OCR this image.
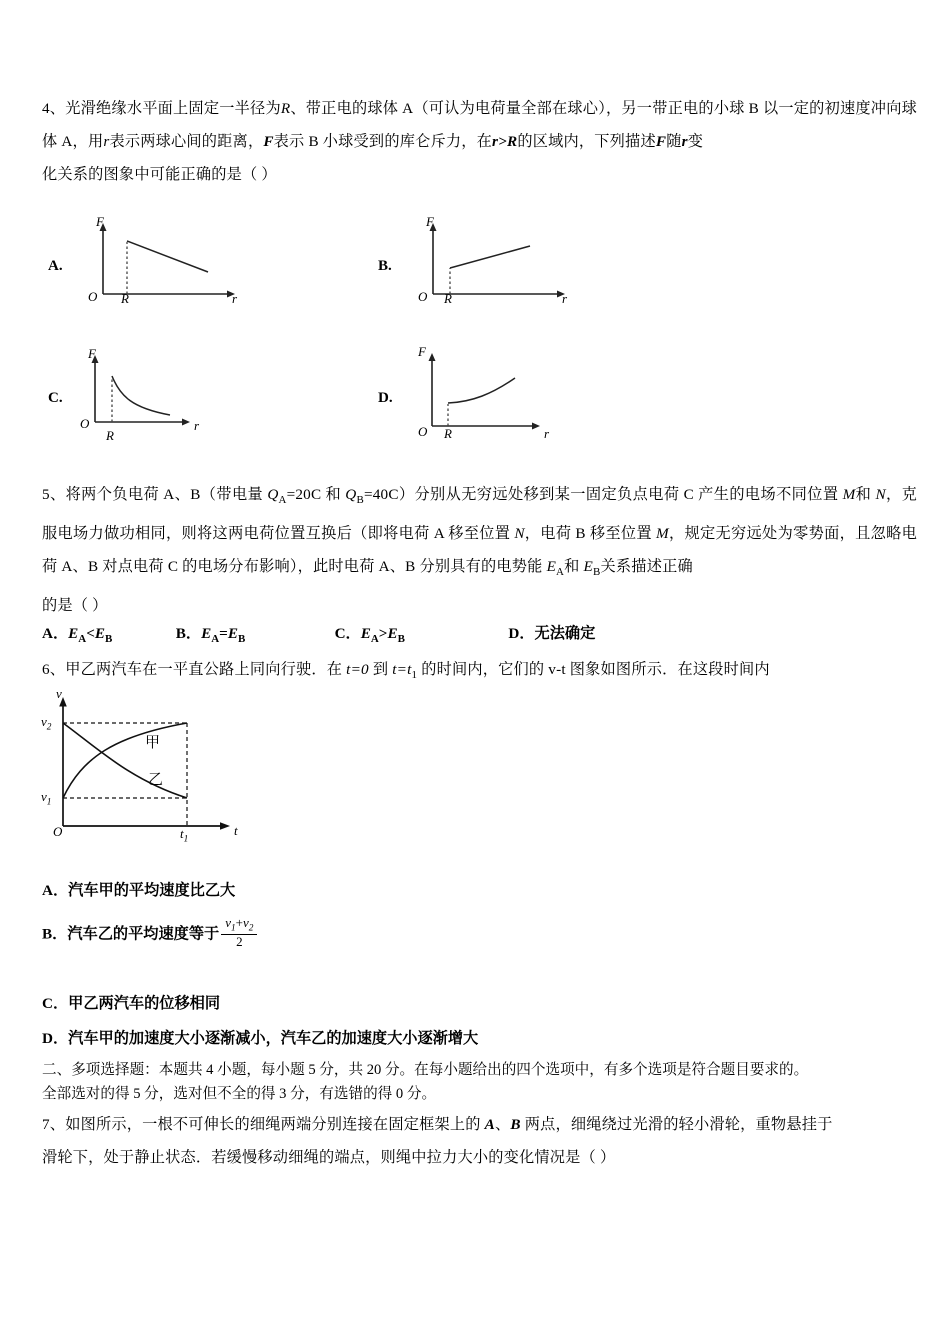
4、光滑绝缘水平面上固定一半径为R、带正电的球体 A（可认为电荷量全部在球心），另一带正电的小球 B 以一定的初速度冲向球体 A，用r表示两球心间的距离，F表示 B 小球受到的库仑斥力，在r>R的区域内，下列描述F随r变
化关系的图象中可能正确的是（ ）
A.
F
r
O R
B.
F
r
O R
C.
F
r
O
R
D.
F
r
O R
5、将两个负电荷 A、B（带电量 $Q_A=20C$ 和 $Q_B=40C$）分别从无穷远处移到某一固定负点电荷 C 产生的电场不同位置 M和 N，克服电场力做功相同，则将这两电荷位置互换后（即将电荷 A 移至位置 N，电荷 B 移至位置 M，规定无穷远处为零势面，且忽略电荷 A、B 对点电荷 C 的电场分布影响），此时电荷 A、B 分别具有的电势能 $E_A$和 $E_B$关系描述正确
的是（ ）
A．$E_A<E_B$	B．$E_A=E_B$	C．$E_A>E_B$	D．无法确定
6、甲乙两汽车在一平直公路上同向行驶．在 t=0 到 $t=t_1$ 的时间内，它们的 v-t 图象如图所示．在这段时间内
v
$v_2$
$v_1$
O	$t_1$
t
甲
乙
A．汽车甲的平均速度比乙大
B．汽车乙的平均速度等于 $\frac{v_1+v_2}{2}$
C．甲乙两汽车的位移相同
D．汽车甲的加速度大小逐渐减小，汽车乙的加速度大小逐渐增大
二、多项选择题：本题共 4 小题，每小题 5 分，共 20 分。在每小题给出的四个选项中，有多个选项是符合题目要求的。
全部选对的得 5 分，选对但不全的得 3 分，有选错的得 0 分。
7、如图所示，一根不可伸长的细绳两端分别连接在固定框架上的 A、B 两点，细绳绕过光滑的轻小滑轮，重物悬挂于
滑轮下，处于静止状态．若缓慢移动细绳的端点，则绳中拉力大小的变化情况是（ ）
